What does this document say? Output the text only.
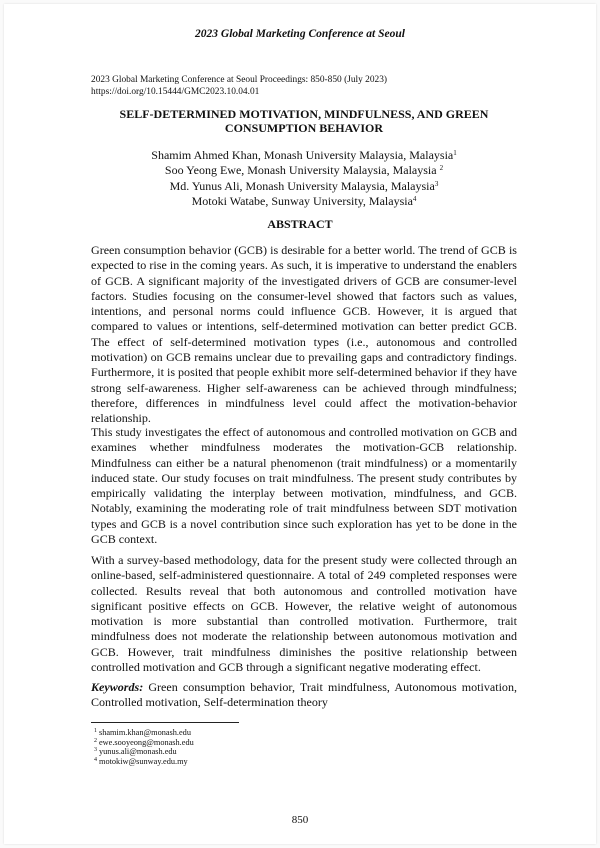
2023 Global Marketing Conference at Seoul
2023 Global Marketing Conference at Seoul Proceedings: 850-850 (July 2023)
https://doi.org/10.15444/GMC2023.10.04.01
SELF-DETERMINED MOTIVATION, MINDFULNESS, AND GREEN
CONSUMPTION BEHAVIOR
Shamim Ahmed Khan, Monash University Malaysia, Malaysia$^1$
Soo Yeong Ewe, Monash University Malaysia, Malaysia $^2$
Md. Yunus Ali, Monash University Malaysia, Malaysia$^3$
Motoki Watabe, Sunway University, Malaysia$^4$
ABSTRACT

Green consumption behavior (GCB) is desirable for a better world. The trend of GCB is expected to rise in the coming years. As such, it is imperative to understand the enablers of GCB. A significant majority of the investigated drivers of GCB are consumer-level factors. Studies focusing on the consumer-level showed that factors such as values, intentions, and personal norms could influence GCB. However, it is argued that compared to values or intentions, self-determined motivation can better predict GCB. The effect of self-determined motivation types (i.e., autonomous and controlled motivation) on GCB remains unclear due to prevailing gaps and contradictory findings. Furthermore, it is posited that people exhibit more self-determined behavior if they have strong self-awareness. Higher self-awareness can be achieved through mindfulness; therefore, differences in mindfulness level could affect the motivation-behavior relationship.

This study investigates the effect of autonomous and controlled motivation on GCB and examines whether mindfulness moderates the motivation-GCB relationship. Mindfulness can either be a natural phenomenon (trait mindfulness) or a momentarily induced state. Our study focuses on trait mindfulness. The present study contributes by empirically validating the interplay between motivation, mindfulness, and GCB. Notably, examining the moderating role of trait mindfulness between SDT motivation types and GCB is a novel contribution since such exploration has yet to be done in the GCB context.

With a survey-based methodology, data for the present study were collected through an online-based, self-administered questionnaire. A total of 249 completed responses were collected. Results reveal that both autonomous and controlled motivation have significant positive effects on GCB. However, the relative weight of autonomous motivation is more substantial than controlled motivation. Furthermore, trait mindfulness does not moderate the relationship between autonomous motivation and GCB. However, trait mindfulness diminishes the positive relationship between controlled motivation and GCB through a significant negative moderating effect.

Keywords: Green consumption behavior, Trait mindfulness, Autonomous motivation, Controlled motivation, Self-determination theory

$^1$ shamim.khan@monash.edu
$^2$ ewe.sooyeong@monash.edu
$^3$ yunus.ali@monash.edu
$^4$ motokiw@sunway.edu.my
850
